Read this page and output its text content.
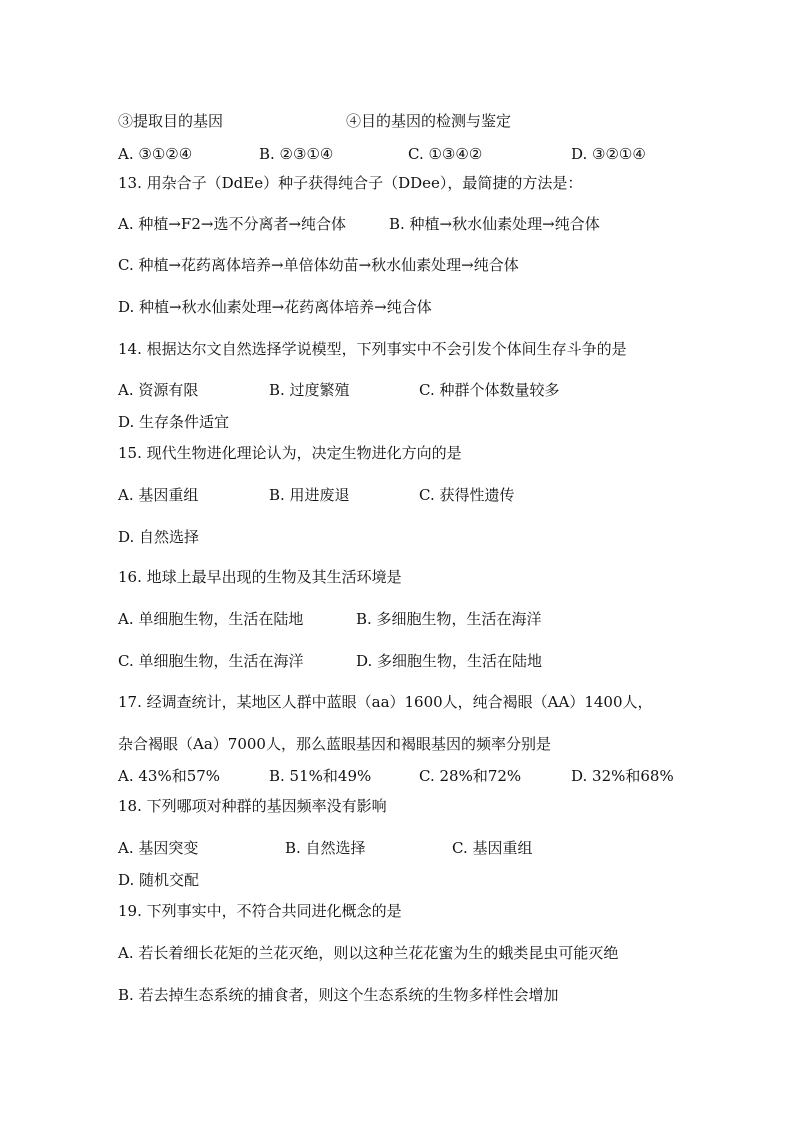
③提取目的基因	④目的基因的检测与鉴定
A. ③①②④	B. ②③①④	C. ①③④②	D. ③②①④
13. 用杂合子（DdEe）种子获得纯合子（DDee），最简捷的方法是：
A. 种植→F2→选不分离者→纯合体	B. 种植→秋水仙素处理→纯合体
C. 种植→花药离体培养→单倍体幼苗→秋水仙素处理→纯合体
D. 种植→秋水仙素处理→花药离体培养→纯合体
14. 根据达尔文自然选择学说模型，下列事实中不会引发个体间生存斗争的是
A. 资源有限	B. 过度繁殖	C. 种群个体数量较多
D. 生存条件适宜
15. 现代生物进化理论认为，决定生物进化方向的是
A. 基因重组	B. 用进废退	C. 获得性遗传
D. 自然选择
16. 地球上最早出现的生物及其生活环境是
A. 单细胞生物，生活在陆地	B. 多细胞生物，生活在海洋
C. 单细胞生物，生活在海洋	D. 多细胞生物，生活在陆地
17. 经调查统计，某地区人群中蓝眼（aa）1600人，纯合褐眼（AA）1400人，
杂合褐眼（Aa）7000人，那么蓝眼基因和褐眼基因的频率分别是
A. 43%和57%	B. 51%和49%	C. 28%和72%	D. 32%和68%
18. 下列哪项对种群的基因频率没有影响
A. 基因突变	B. 自然选择	C. 基因重组
D. 随机交配
19. 下列事实中，不符合共同进化概念的是
A. 若长着细长花矩的兰花灭绝，则以这种兰花花蜜为生的蛾类昆虫可能灭绝
B. 若去掉生态系统的捕食者，则这个生态系统的生物多样性会增加
